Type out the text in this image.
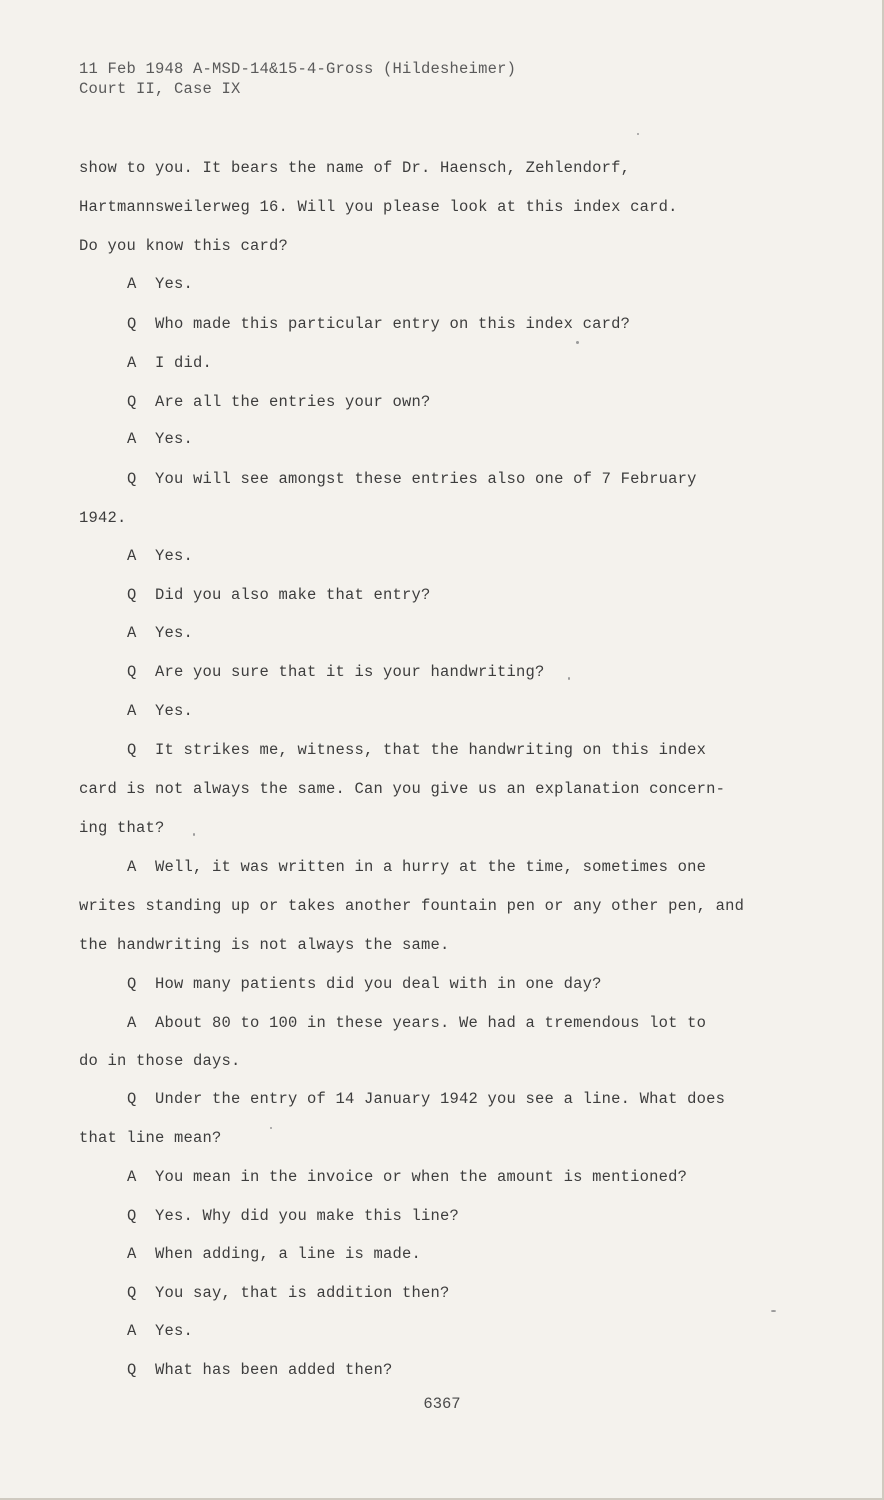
11 Feb 1948 A-MSD-14&15-4-Gross (Hildesheimer)
Court II, Case IX
show to you. It bears the name of Dr. Haensch, Zehlendorf,
Hartmannsweilerweg 16. Will you please look at this index card.
Do you know this card?
A Yes.
Q Who made this particular entry on this index card?
A I did.
Q Are all the entries your own?
A Yes.
Q You will see amongst these entries also one of 7 February
1942.
A Yes.
Q Did you also make that entry?
A Yes.
Q Are you sure that it is your handwriting?
A Yes.
Q It strikes me, witness, that the handwriting on this index
card is not always the same. Can you give us an explanation concern-
ing that?
A Well, it was written in a hurry at the time, sometimes one
writes standing up or takes another fountain pen or any other pen, and
the handwriting is not always the same.
Q How many patients did you deal with in one day?
A About 80 to 100 in these years. We had a tremendous lot to
do in those days.
Q Under the entry of 14 January 1942 you see a line. What does
that line mean?
A You mean in the invoice or when the amount is mentioned?
Q Yes. Why did you make this line?
A When adding, a line is made.
Q You say, that is addition then?
A Yes.
Q What has been added then?
6367
